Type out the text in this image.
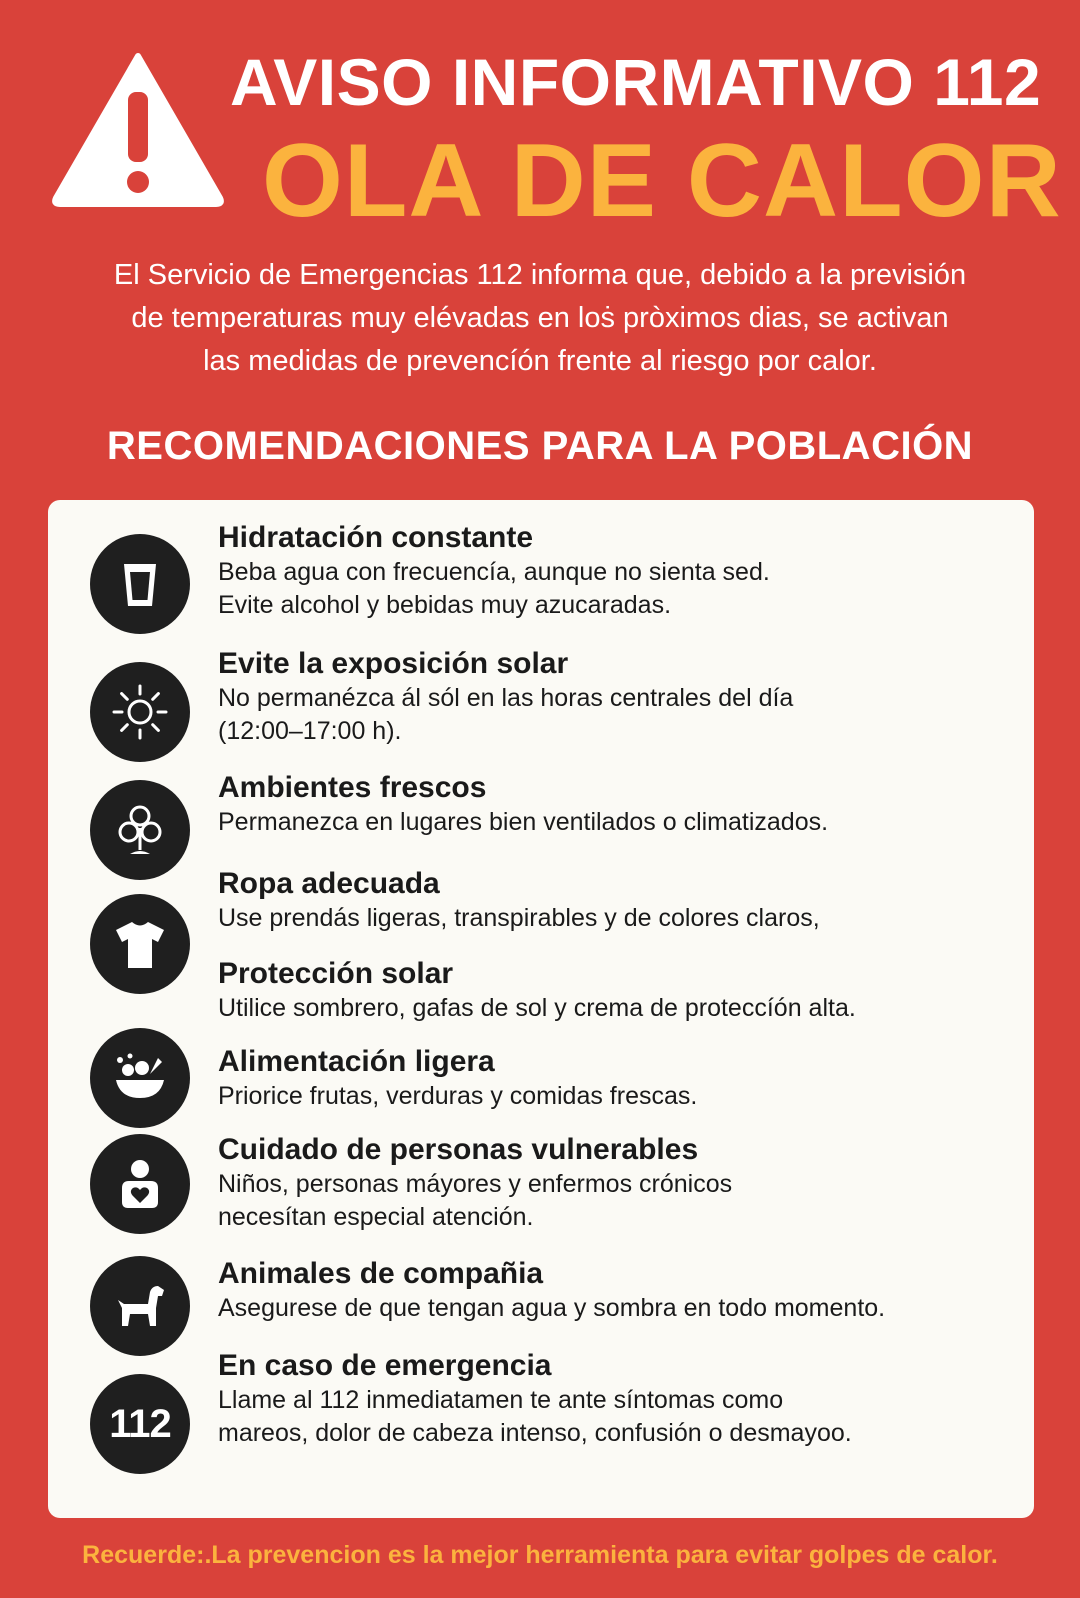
AVISO INFORMATIVO 112
OLA DE CALOR
El Servicio de Emergencias 112 informa que, debido a la previsión
de temperaturas muy elévadas en loṡ pròximos dias, se activan
las medidas de prevencíón frente al riesgo por calor.
RECOMENDACIONES PARA LA POBLACIÓN
Hidratación constante
Beba agua con frecuencía, aunque no sienta sed.
Evite alcohol y bebidas muy azucaradas.
Evite la exposición solar
No permanézca ál sól en las horas centrales del día
(12:00–17:00 h).
Ambientes frescos
Permanezca en lugares bien ventilados o climatizados.
Ropa adecuada
Use prendás ligeras, transpirables y de colores claros,
Protección solar
Utilice sombrero, gafas de sol y crema de proteccíón alta.
Alimentación ligera
Priorice frutas, verduras y comidas frescas.
Cuidado de personas vulnerables
Niños, personas máyores y enfermos crónicos
necesítan especial atención.
Animales de compañia
Asegurese de que tengan agua y sombra en todo momento.
112
En caso de emergencia
Llame al 112 inmediatamen te ante síntomas como
mareos, dolor de cabeza intenso, confusión o desmayoo.
Recuerde:.La prevencion es la mejor herramienta para evitar golpes de calor.
